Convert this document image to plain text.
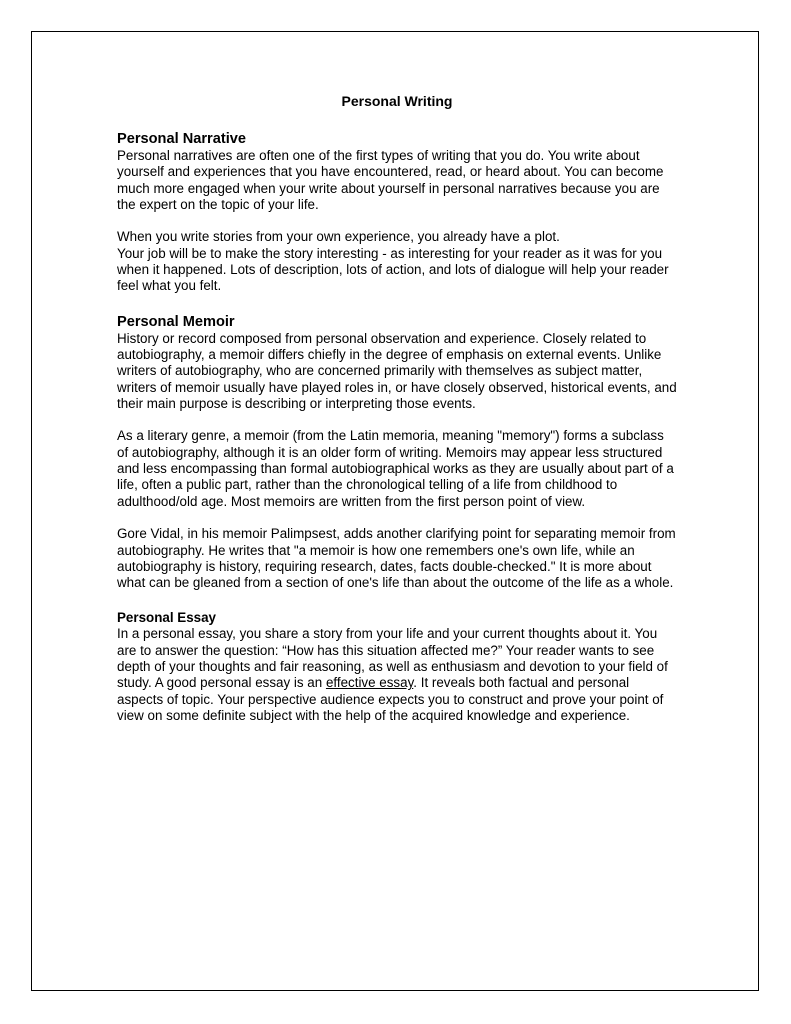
Personal Writing
Personal Narrative

Personal narratives are often one of the first types of writing that you do. You write about yourself and experiences that you have encountered, read, or heard about. You can become much more engaged when your write about yourself in personal narratives because you are the expert on the topic of your life.

When you write stories from your own experience, you already have a plot.

Your job will be to make the story interesting - as interesting for your reader as it was for you when it happened. Lots of description, lots of action, and lots of dialogue will help your reader feel what you felt.

Personal Memoir

History or record composed from personal observation and experience. Closely related to autobiography, a memoir differs chiefly in the degree of emphasis on external events. Unlike writers of autobiography, who are concerned primarily with themselves as subject matter, writers of memoir usually have played roles in, or have closely observed, historical events, and their main purpose is describing or interpreting those events.

As a literary genre, a memoir (from the Latin memoria, meaning "memory") forms a subclass of autobiography, although it is an older form of writing. Memoirs may appear less structured and less encompassing than formal autobiographical works as they are usually about part of a life, often a public part, rather than the chronological telling of a life from childhood to adulthood/old age. Most memoirs are written from the first person point of view.

Gore Vidal, in his memoir Palimpsest, adds another clarifying point for separating memoir from autobiography. He writes that "a memoir is how one remembers one's own life, while an autobiography is history, requiring research, dates, facts double-checked." It is more about what can be gleaned from a section of one's life than about the outcome of the life as a whole.

Personal Essay

In a personal essay, you share a story from your life and your current thoughts about it. You are to answer the question: “How has this situation affected me?” Your reader wants to see depth of your thoughts and fair reasoning, as well as enthusiasm and devotion to your field of study. A good personal essay is an effective essay. It reveals both factual and personal aspects of topic. Your perspective audience expects you to construct and prove your point of view on some definite subject with the help of the acquired knowledge and experience.
